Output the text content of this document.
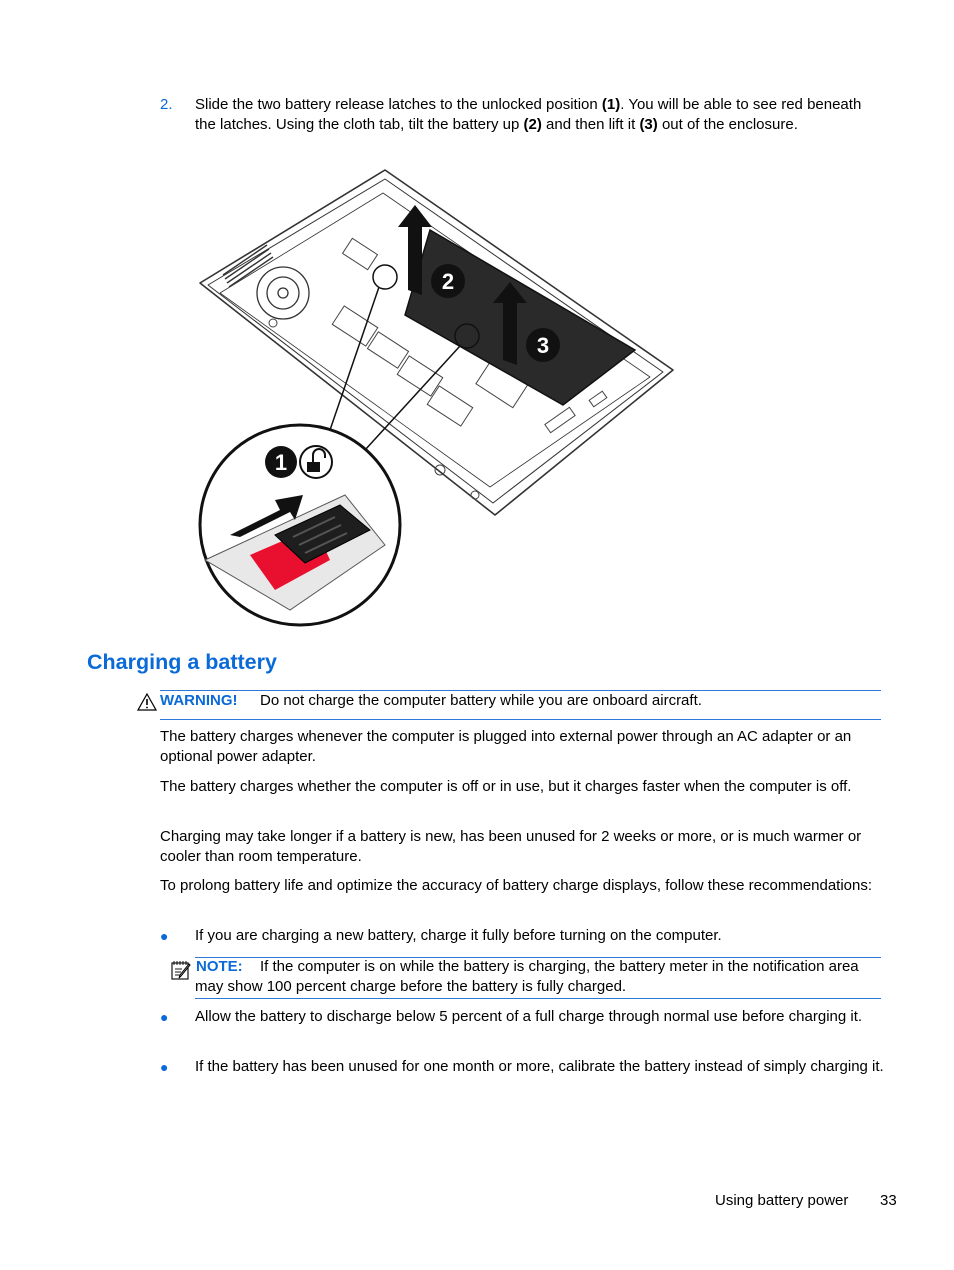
2. Slide the two battery release latches to the unlocked position (1). You will be able to see red beneath the latches. Using the cloth tab, tilt the battery up (2) and then lift it (3) out of the enclosure.
2
3
1
Charging a battery
WARNING! Do not charge the computer battery while you are onboard aircraft.
The battery charges whenever the computer is plugged into external power through an AC adapter or an optional power adapter.
The battery charges whether the computer is off or in use, but it charges faster when the computer is off.
Charging may take longer if a battery is new, has been unused for 2 weeks or more, or is much warmer or cooler than room temperature.
To prolong battery life and optimize the accuracy of battery charge displays, follow these recommendations:
● If you are charging a new battery, charge it fully before turning on the computer.
NOTE:	If the computer is on while the battery is charging, the battery meter in the notification area may show 100 percent charge before the battery is fully charged.
● Allow the battery to discharge below 5 percent of a full charge through normal use before charging it.
● If the battery has been unused for one month or more, calibrate the battery instead of simply charging it.
Using battery power 33
